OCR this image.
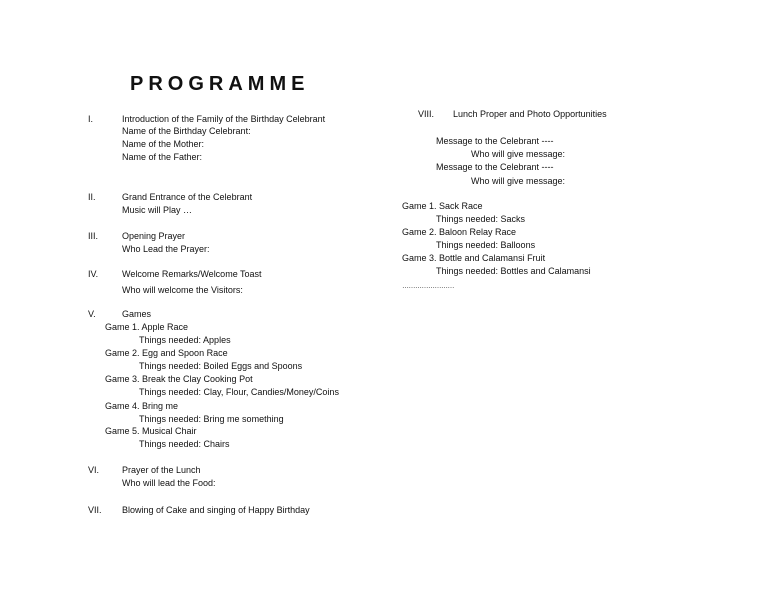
PROGRAMME
I.	Introduction of the Family of the Birthday Celebrant
Name of the Birthday Celebrant:
Name of the Mother:
Name of the Father:
II.	Grand Entrance of the Celebrant
Music will Play …
III.	Opening Prayer
Who Lead the Prayer:
IV.	Welcome Remarks/Welcome Toast
Who will welcome the Visitors:
V.	Games
Game 1. Apple Race
Things needed: Apples
Game 2. Egg and Spoon Race
Things needed: Boiled Eggs and Spoons
Game 3. Break the Clay Cooking Pot
Things needed: Clay, Flour, Candies/Money/Coins
Game 4. Bring me
Things needed: Bring me something
Game 5. Musical Chair
Things needed: Chairs
VI.	Prayer of the Lunch
Who will lead the Food:
VII. Blowing of Cake and singing of Happy Birthday
VIII. Lunch Proper and Photo Opportunities
Message to the Celebrant ----
Who will give message:
Message to the Celebrant ----
Who will give message:
Game 1. Sack Race
Things needed: Sacks
Game 2. Baloon Relay Race
Things needed: Balloons
Game 3. Bottle and Calamansi Fruit
Things needed: Bottles and Calamansi
……………………
